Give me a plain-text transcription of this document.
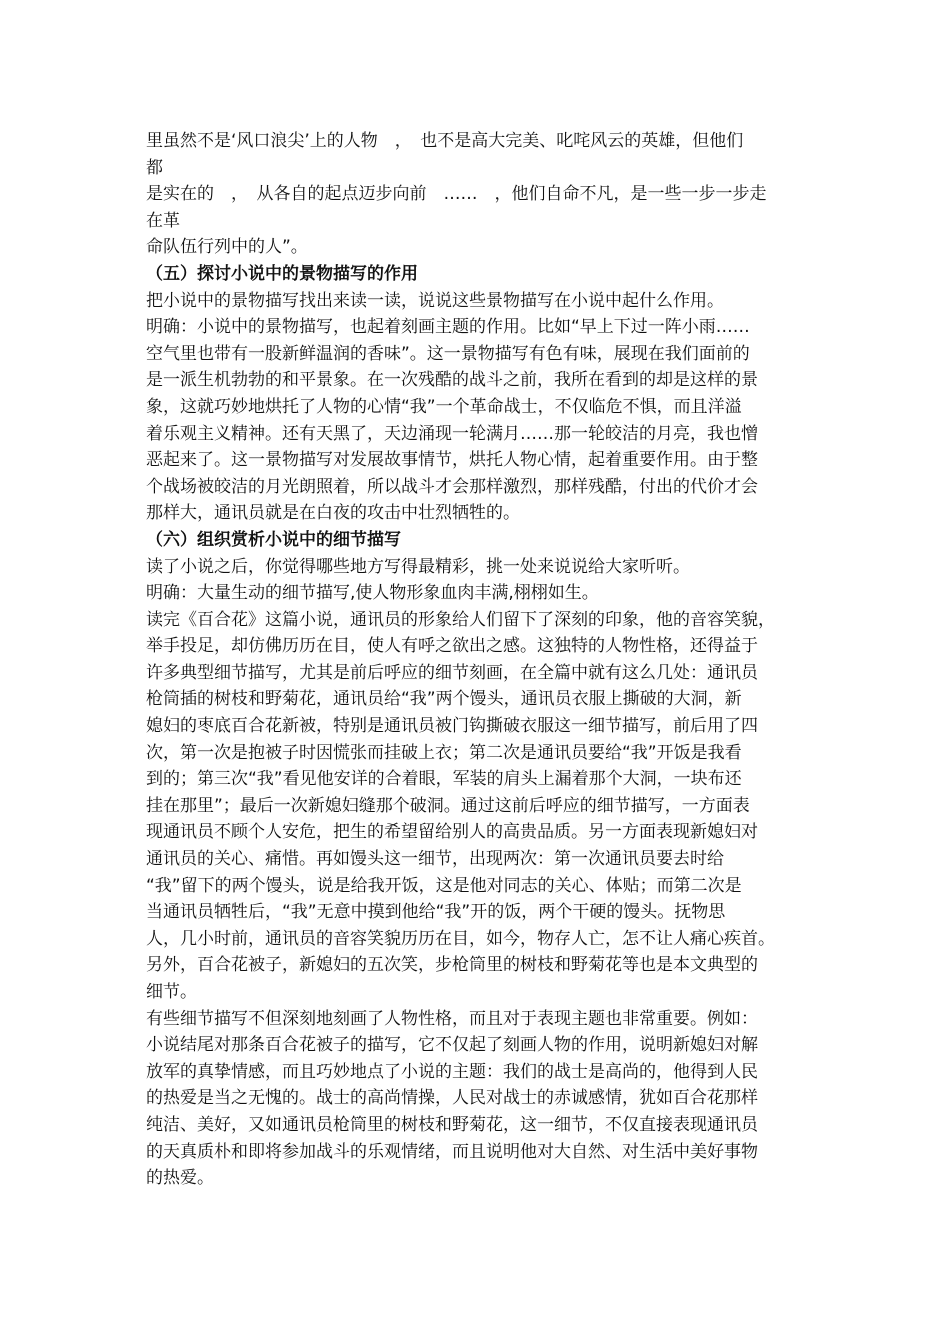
里虽然不是‘风口浪尖’上的人物　，　也不是高大完美、叱咤风云的英雄，但他们
都
是实在的　，　从各自的起点迈步向前　……　，他们自命不凡，是一些一步一步走
在革
命队伍行列中的人”。
（五）探讨小说中的景物描写的作用
把小说中的景物描写找出来读一读，说说这些景物描写在小说中起什么作用。
明确：小说中的景物描写，也起着刻画主题的作用。比如“早上下过一阵小雨……
空气里也带有一股新鲜温润的香味”。这一景物描写有色有味，展现在我们面前的
是一派生机勃勃的和平景象。在一次残酷的战斗之前，我所在看到的却是这样的景
象，这就巧妙地烘托了人物的心情“我”一个革命战士，不仅临危不惧，而且洋溢
着乐观主义精神。还有天黑了，天边涌现一轮满月……那一轮皎洁的月亮，我也憎
恶起来了。这一景物描写对发展故事情节，烘托人物心情，起着重要作用。由于整
个战场被皎洁的月光朗照着，所以战斗才会那样激烈，那样残酷，付出的代价才会
那样大，通讯员就是在白夜的攻击中壮烈牺牲的。
（六）组织赏析小说中的细节描写
读了小说之后，你觉得哪些地方写得最精彩，挑一处来说说给大家听听。
明确：大量生动的细节描写,使人物形象血肉丰满,栩栩如生。
读完《百合花》这篇小说，通讯员的形象给人们留下了深刻的印象，他的音容笑貌，
举手投足，却仿佛历历在目，使人有呼之欲出之感。这独特的人物性格，还得益于
许多典型细节描写，尤其是前后呼应的细节刻画，在全篇中就有这么几处：通讯员
枪筒插的树枝和野菊花，通讯员给“我”两个馒头，通讯员衣服上撕破的大洞，新
媳妇的枣底百合花新被，特别是通讯员被门钩撕破衣服这一细节描写，前后用了四
次，第一次是抱被子时因慌张而挂破上衣；第二次是通讯员要给“我”开饭是我看
到的；第三次“我”看见他安详的合着眼，军装的肩头上漏着那个大洞，一块布还
挂在那里”；最后一次新媳妇缝那个破洞。通过这前后呼应的细节描写，一方面表
现通讯员不顾个人安危，把生的希望留给别人的高贵品质。另一方面表现新媳妇对
通讯员的关心、痛惜。再如馒头这一细节，出现两次：第一次通讯员要去时给
“我”留下的两个馒头，说是给我开饭，这是他对同志的关心、体贴；而第二次是
当通讯员牺牲后，“我”无意中摸到他给“我”开的饭，两个干硬的馒头。抚物思
人，几小时前，通讯员的音容笑貌历历在目，如今，物存人亡，怎不让人痛心疾首。
另外，百合花被子，新媳妇的五次笑，步枪筒里的树枝和野菊花等也是本文典型的
细节。
有些细节描写不但深刻地刻画了人物性格，而且对于表现主题也非常重要。例如：
小说结尾对那条百合花被子的描写，它不仅起了刻画人物的作用，说明新媳妇对解
放军的真挚情感，而且巧妙地点了小说的主题：我们的战士是高尚的，他得到人民
的热爱是当之无愧的。战士的高尚情操，人民对战士的赤诚感情，犹如百合花那样
纯洁、美好，又如通讯员枪筒里的树枝和野菊花，这一细节，不仅直接表现通讯员
的天真质朴和即将参加战斗的乐观情绪，而且说明他对大自然、对生活中美好事物
的热爱。
